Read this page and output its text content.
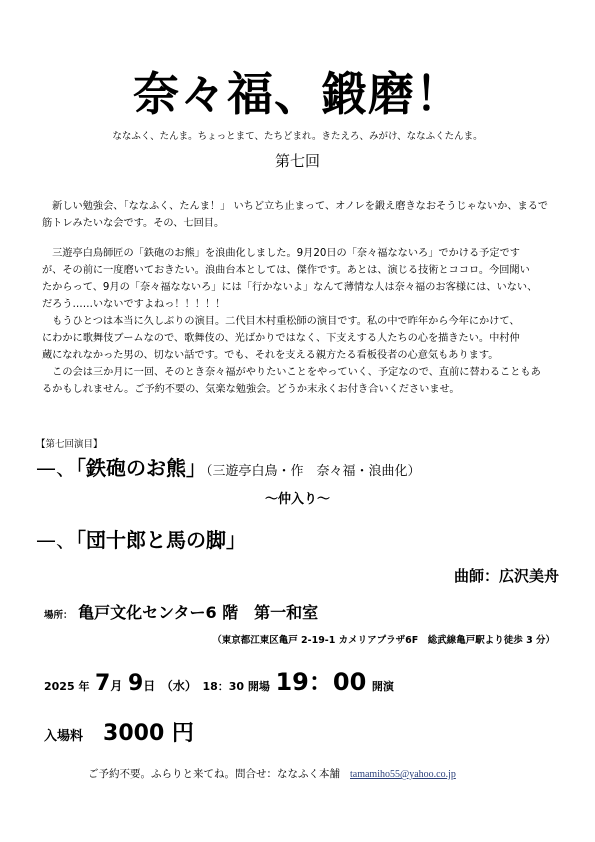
奈々福、鍛磨！
ななふく、たんま。ちょっとまて、たちどまれ。きたえろ、みがけ、ななふくたんま。
第七回
　新しい勉強会、「ななふく、たんま！」 いちど立ち止まって、オノレを鍛え磨きなおそうじゃないか、まるで
筋トレみたいな会です。その、七回目。
　三遊亭白鳥師匠の「鉄砲のお熊」を浪曲化しました。9月20日の「奈々福なないろ」でかける予定です
が、その前に一度磨いておきたい。浪曲台本としては、傑作です。あとは、演じる技術とココロ。今回聞い
たからって、9月の「奈々福なないろ」には「行かないよ」なんて薄情な人は奈々福のお客様には、いない、
だろう……いないですよねっ！！！！！
　もうひとつは本当に久しぶりの演目。二代目木村重松師の演目です。私の中で昨年から今年にかけて、
にわかに歌舞伎ブームなので、歌舞伎の、光ばかりではなく、下支えする人たちの心を描きたい。中村仲
蔵になれなかった男の、切ない話です。でも、それを支える親方たる看板役者の心意気もあります。
　この会は三か月に一回、そのとき奈々福がやりたいことをやっていく、予定なので、直前に替わることもあ
るかもしれません。ご予約不要の、気楽な勉強会。どうか末永くお付き合いくださいませ。
【第七回演目】
—、「鉄砲のお熊」（三遊亭白鳥・作　奈々福・浪曲化）
～仲入り～
—、「団十郎と馬の脚」
曲師：広沢美舟
場所： 亀戸文化センター6 階　第一和室
（東京都江東区亀戸 2-19-1 カメリアプラザ6F　総武線亀戸駅より徒歩 3 分）
2025 年 7月 9日 （水） 18：30 開場 19：00 開演
入場料 3000 円
ご予約不要。ふらりと来てね。問合せ：ななふく本舗 tamamiho55@yahoo.co.jp
